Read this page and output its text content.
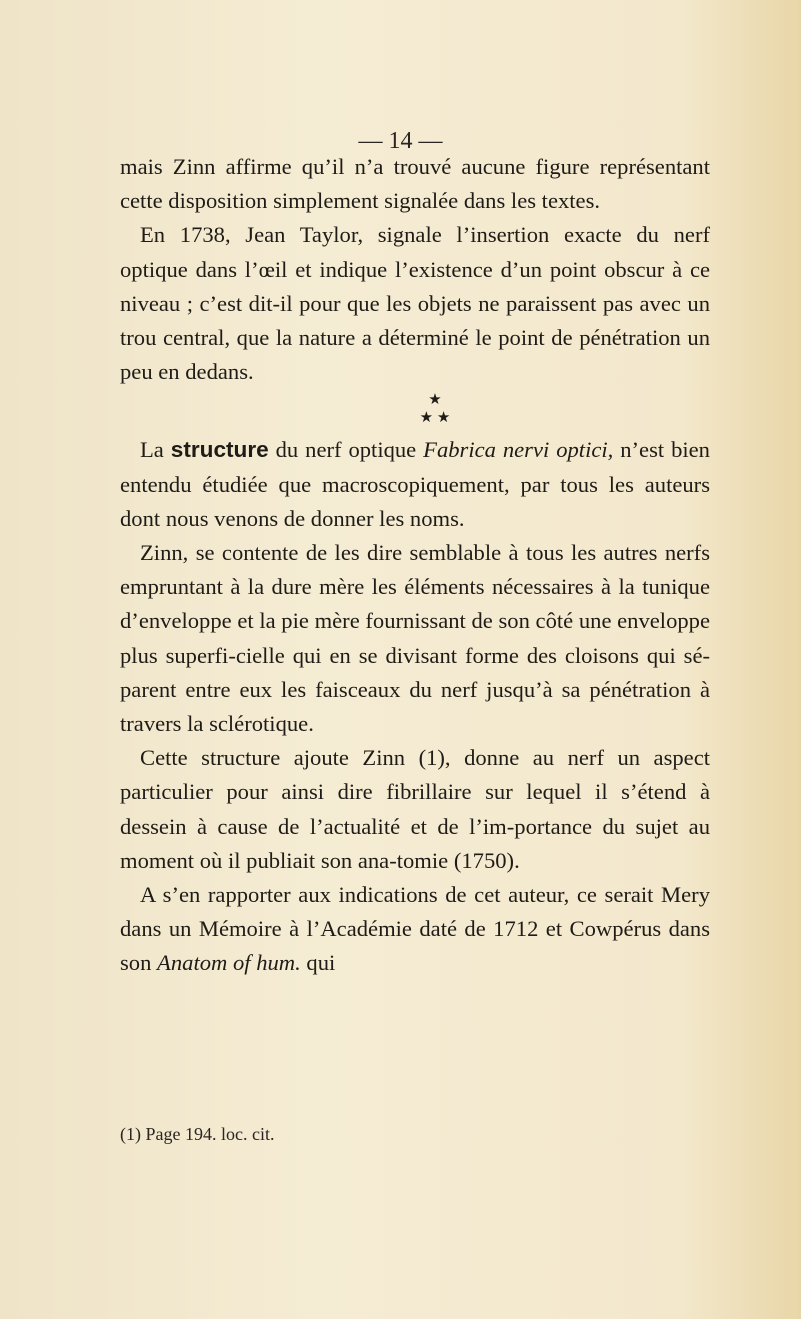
— 14 —

mais Zinn affirme qu’il n’a trouvé aucune figure représentant cette disposition simplement signalée dans les textes.

En 1738, Jean Taylor, signale l’insertion exacte du nerf optique dans l’œil et indique l’existence d’un point obscur à ce niveau ; c’est dit-il pour que les objets ne paraissent pas avec un trou central, que la nature a déterminé le point de pénétration un peu en dedans.

★
★ ★

La structure du nerf optique Fabrica nervi optici, n’est bien entendu étudiée que macroscopiquement, par tous les auteurs dont nous venons de donner les noms.

Zinn, se contente de les dire semblable à tous les autres nerfs empruntant à la dure mère les éléments nécessaires à la tunique d’enveloppe et la pie mère fournissant de son côté une enveloppe plus superfi-cielle qui en se divisant forme des cloisons qui sé-parent entre eux les faisceaux du nerf jusqu’à sa pénétration à travers la sclérotique.

Cette structure ajoute Zinn (1), donne au nerf un aspect particulier pour ainsi dire fibrillaire sur lequel il s’étend à dessein à cause de l’actualité et de l’im-portance du sujet au moment où il publiait son ana-tomie (1750).

A s’en rapporter aux indications de cet auteur, ce serait Mery dans un Mémoire à l’Académie daté de 1712 et Cowpérus dans son Anatom of hum. qui

(1) Page 194. loc. cit.
